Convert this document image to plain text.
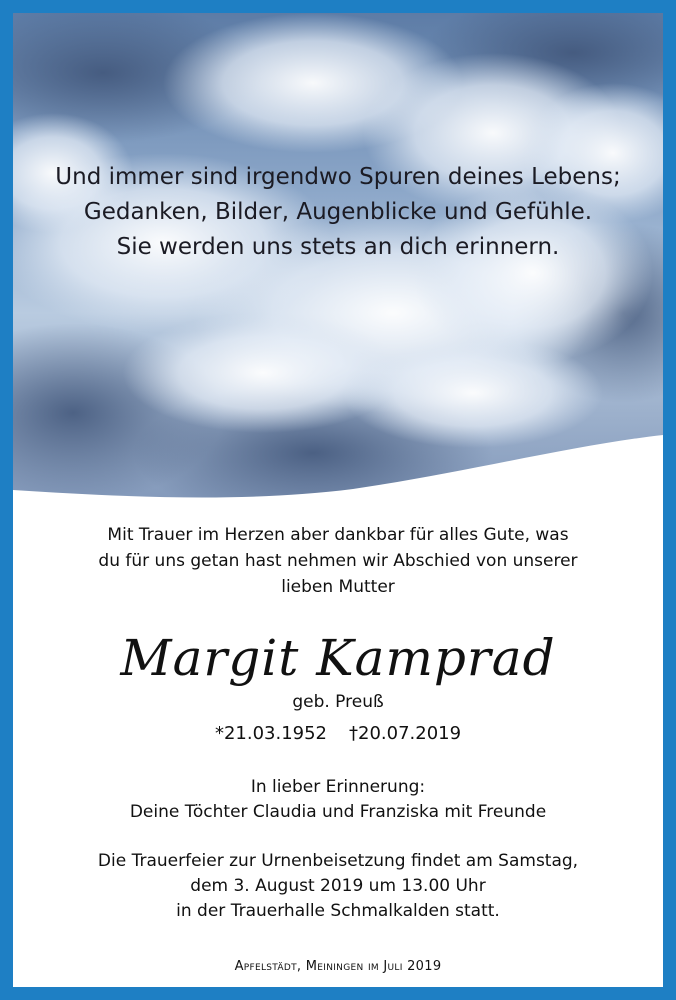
Und immer sind irgendwo Spuren deines Lebens;
Gedanken, Bilder, Augenblicke und Gefühle.
Sie werden uns stets an dich erinnern.
Mit Trauer im Herzen aber dankbar für alles Gute, was
du für uns getan hast nehmen wir Abschied von unserer
lieben Mutter
Margit Kamprad
geb. Preuß
*21.03.1952 †20.07.2019
In lieber Erinnerung:
Deine Töchter Claudia und Franziska mit Freunde
Die Trauerfeier zur Urnenbeisetzung findet am Samstag,
dem 3. August 2019 um 13.00 Uhr
in der Trauerhalle Schmalkalden statt.
Apfelstädt, Meiningen im Juli 2019
